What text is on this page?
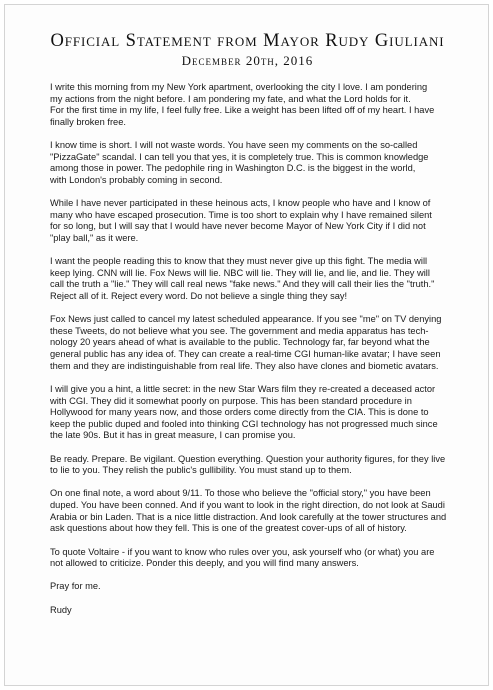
Official Statement from Mayor Rudy Giuliani
December 20th, 2016
I write this morning from my New York apartment, overlooking the city I love. I am pondering
my actions from the night before. I am pondering my fate, and what the Lord holds for it.
For the first time in my life, I feel fully free. Like a weight has been lifted off of my heart. I have
finally broken free.
I know time is short. I will not waste words. You have seen my comments on the so-called
"PizzaGate" scandal. I can tell you that yes, it is completely true. This is common knowledge
among those in power. The pedophile ring in Washington D.C. is the biggest in the world,
with London's probably coming in second.
While I have never participated in these heinous acts, I know people who have and I know of
many who have escaped prosecution. Time is too short to explain why I have remained silent
for so long, but I will say that I would have never become Mayor of New York City if I did not
"play ball," as it were.
I want the people reading this to know that they must never give up this fight. The media will
keep lying. CNN will lie. Fox News will lie. NBC will lie. They will lie, and lie, and lie. They will
call the truth a "lie." They will call real news "fake news." And they will call their lies the "truth."
Reject all of it. Reject every word. Do not believe a single thing they say!
Fox News just called to cancel my latest scheduled appearance. If you see "me" on TV denying
these Tweets, do not believe what you see. The government and media apparatus has tech-
nology 20 years ahead of what is available to the public. Technology far, far beyond what the
general public has any idea of. They can create a real-time CGI human-like avatar; I have seen
them and they are indistinguishable from real life. They also have clones and biometic avatars.
I will give you a hint, a little secret: in the new Star Wars film they re-created a deceased actor
with CGI. They did it somewhat poorly on purpose. This has been standard procedure in
Hollywood for many years now, and those orders come directly from the CIA. This is done to
keep the public duped and fooled into thinking CGI technology has not progressed much since
the late 90s. But it has in great measure, I can promise you.
Be ready. Prepare. Be vigilant. Question everything. Question your authority figures, for they live
to lie to you. They relish the public's gullibility. You must stand up to them.
On one final note, a word about 9/11. To those who believe the "official story," you have been
duped. You have been conned. And if you want to look in the right direction, do not look at Saudi
Arabia or bin Laden. That is a nice little distraction. And look carefully at the tower structures and
ask questions about how they fell. This is one of the greatest cover-ups of all of history.
To quote Voltaire - if you want to know who rules over you, ask yourself who (or what) you are
not allowed to criticize. Ponder this deeply, and you will find many answers.
Pray for me.
Rudy
